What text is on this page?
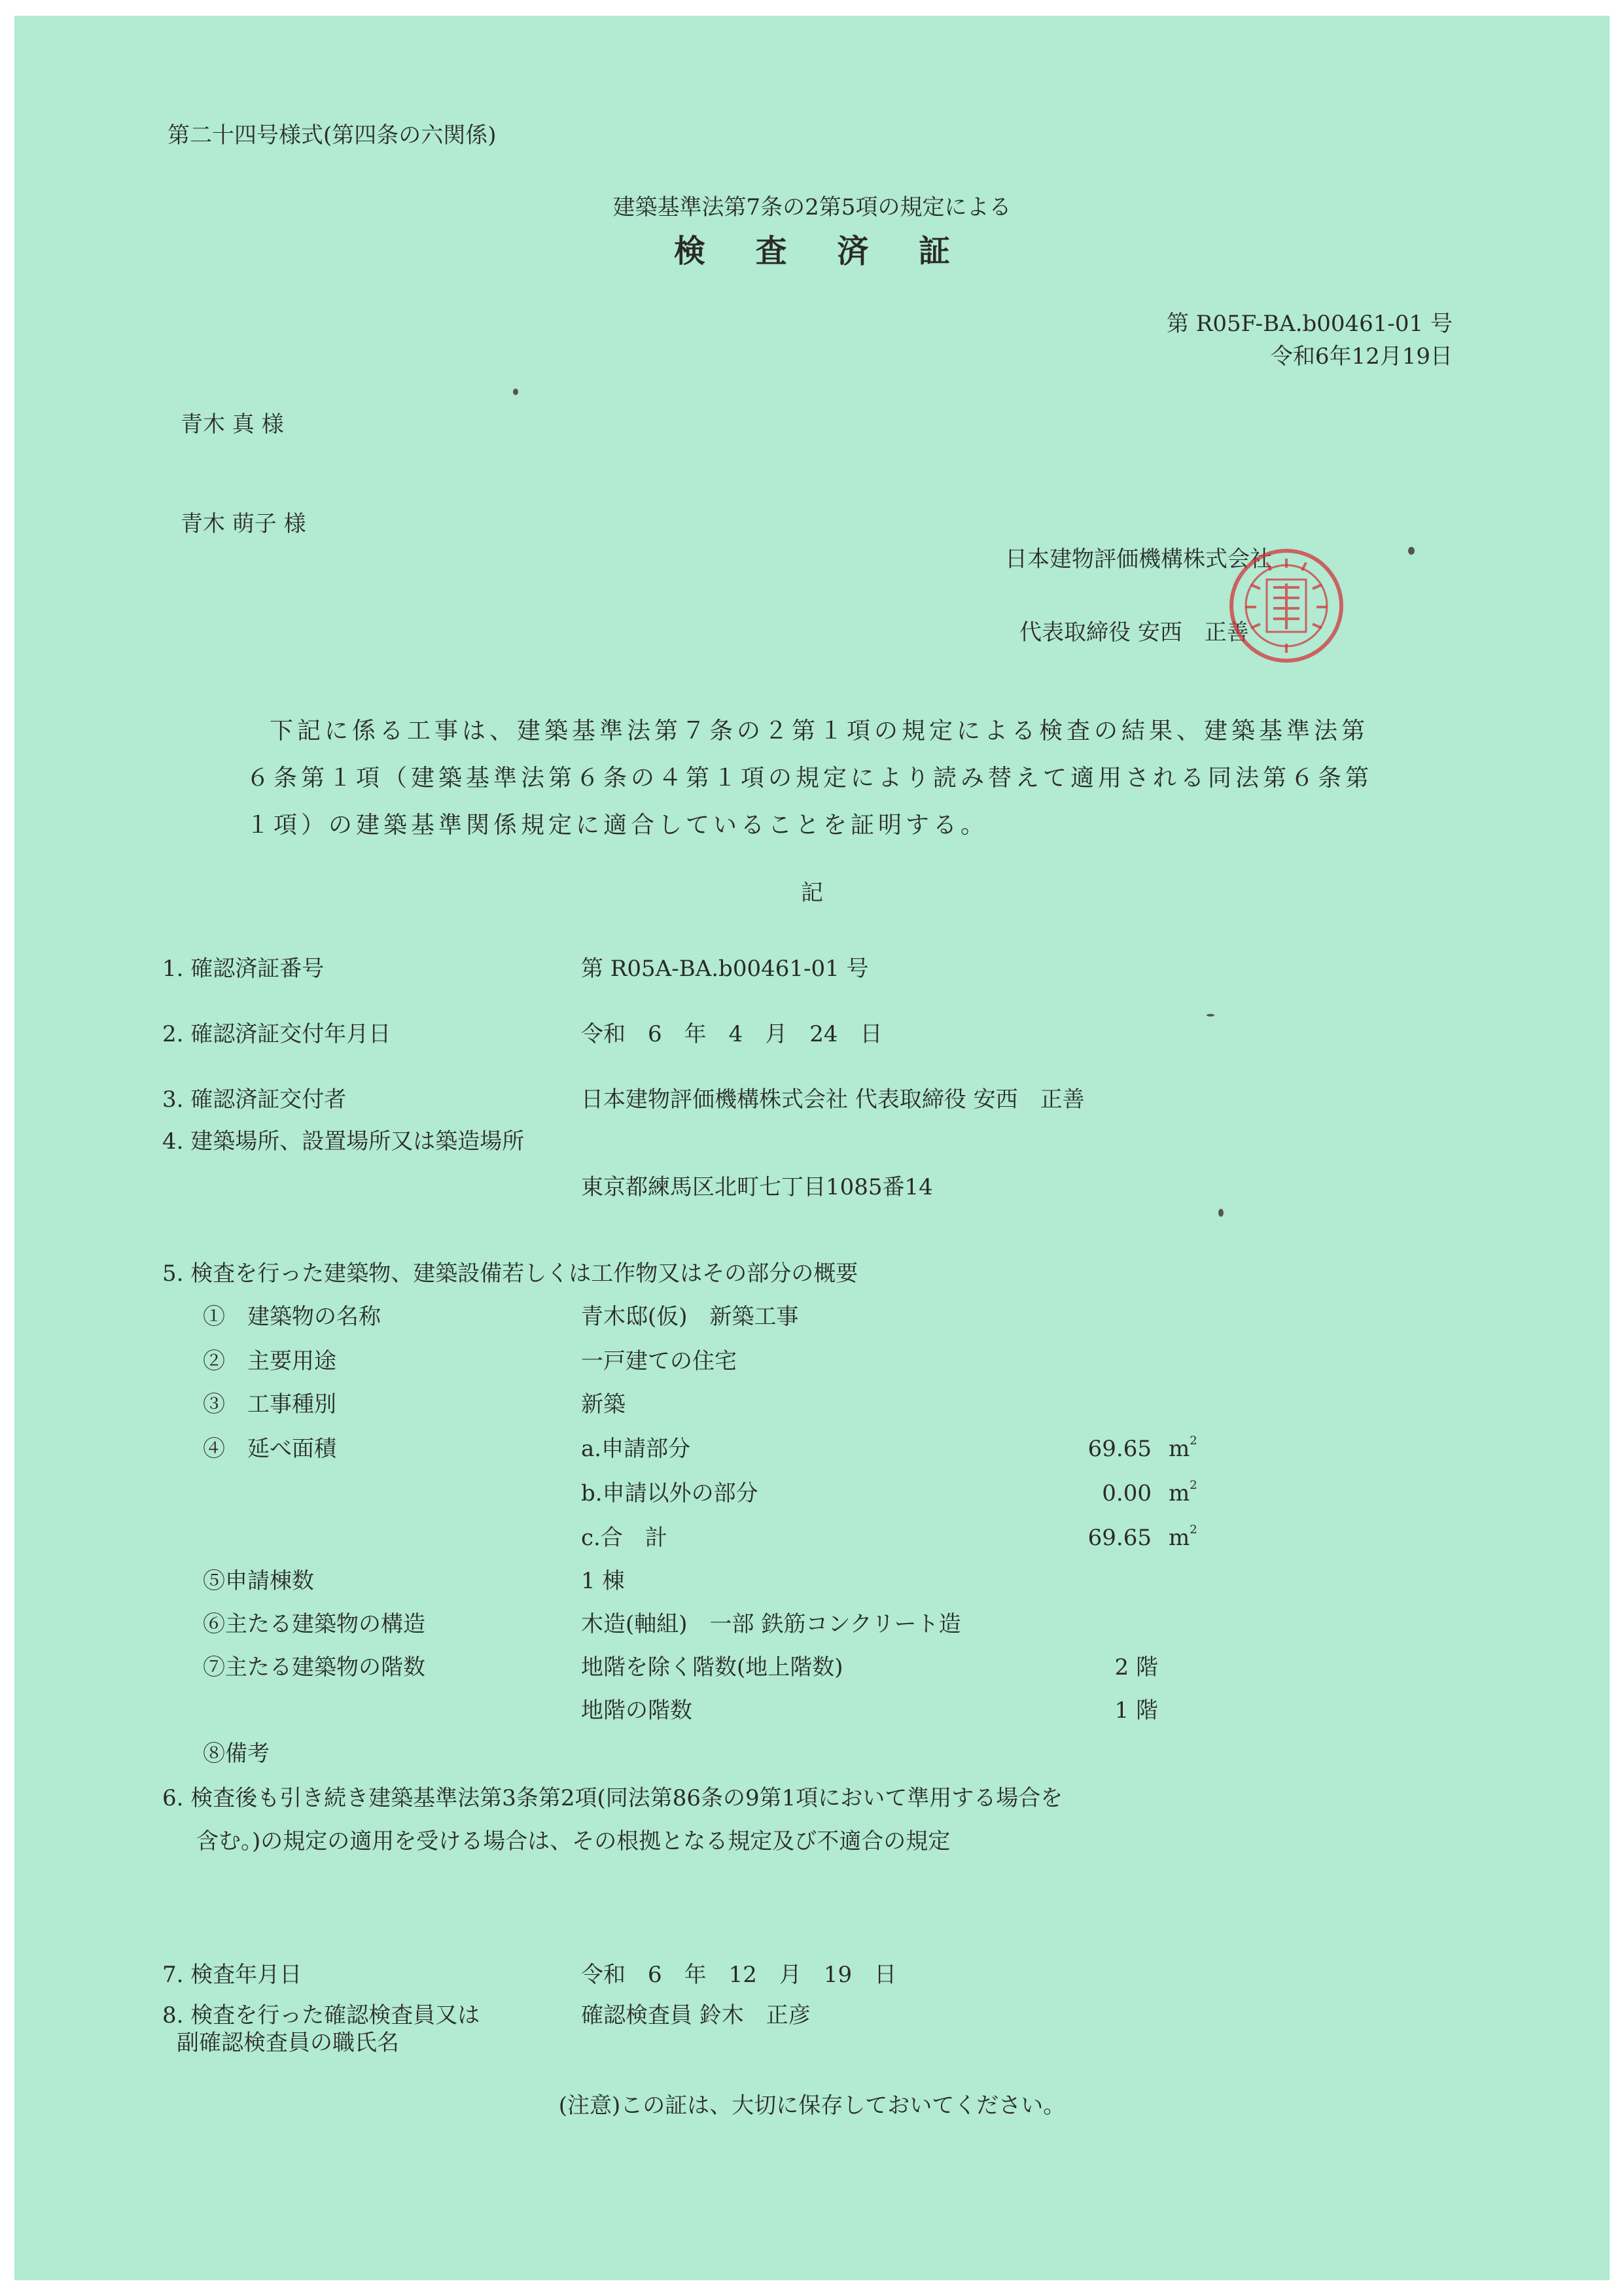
第二十四号様式(第四条の六関係)
建築基準法第7条の2第5項の規定による
検 査 済 証
第 R05F-BA.b00461-01 号
令和6年12月19日
青木 真 様
青木 萌子 様
日本建物評価機構株式会社
代表取締役 安西　正善
下記に係る工事は、建築基準法第７条の２第１項の規定による検査の結果、建築基準法第
６条第１項（建築基準法第６条の４第１項の規定により読み替えて適用される同法第６条第
１項）の建築基準関係規定に適合していることを証明する。
記
1. 確認済証番号	第 R05A-BA.b00461-01 号
2. 確認済証交付年月日	令和　6　年　4　月　24　日
3. 確認済証交付者	日本建物評価機構株式会社 代表取締役 安西　正善
4. 建築場所、設置場所又は築造場所
東京都練馬区北町七丁目1085番14
5. 検査を行った建築物、建築設備若しくは工作物又はその部分の概要
①　建築物の名称	青木邸(仮)　新築工事
②　主要用途	一戸建ての住宅
③　工事種別	新築
④　延べ面積	a.申請部分	69.65 $m^2$
b.申請以外の部分	0.00 $m^2$
c.合　計	69.65 $m^2$
⑤申請棟数	1 棟
⑥主たる建築物の構造	木造(軸組)　一部 鉄筋コンクリート造
⑦主たる建築物の階数	地階を除く階数(地上階数)	2 階
地階の階数	1 階
⑧備考
6. 検査後も引き続き建築基準法第3条第2項(同法第86条の9第1項において準用する場合を
含む。)の規定の適用を受ける場合は、その根拠となる規定及び不適合の規定
7. 検査年月日	令和　6　年　12　月　19　日
8. 検査を行った確認検査員又は
副確認検査員の職氏名
確認検査員 鈴木　正彦
(注意)この証は、大切に保存しておいてください。
